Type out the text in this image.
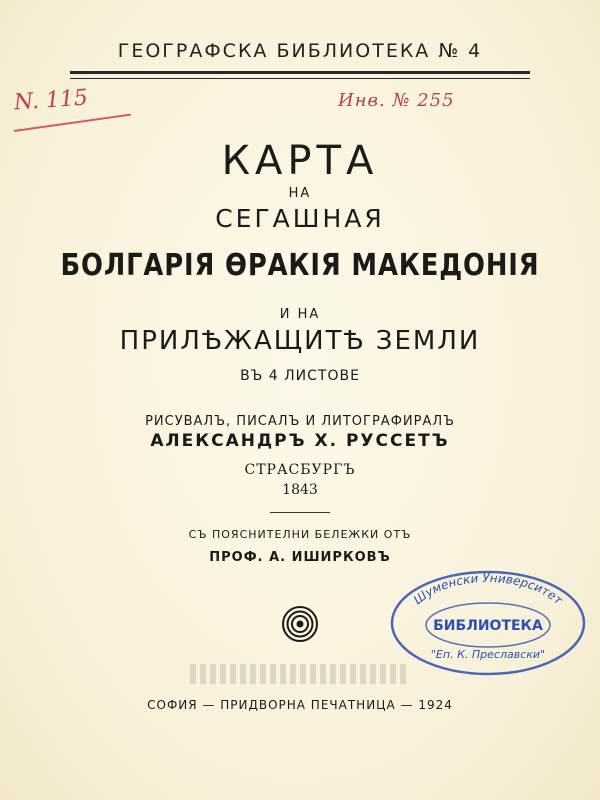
ГЕОГРАФСКА БИБЛИОТЕКА № 4
N. 115	Инв. № 255
КАРТА
НА
СЕГАШНАЯ
БОЛГАРІЯ ѲРАКІЯ МАКЕДОНІЯ
И НА
ПРИЛѢЖАЩИТѢ ЗЕМЛИ
ВЪ 4 ЛИСТОВЕ
РИСУВАЛЪ, ПИСАЛЪ И ЛИТОГРАФИРАЛЪ
АЛЕКСАНДРЪ Х. РУССЕТЪ
СТРАСБУРГЪ
1843
СЪ ПОЯСНИТЕЛНИ БЕЛЕЖКИ ОТЪ
ПРОФ. А. ИШИРКОВЪ
СОФИЯ — ПРИДВОРНА ПЕЧАТНИЦА — 1924
Шуменски Университет
БИБЛИОТЕКА
"Еп. К. Преславски"
